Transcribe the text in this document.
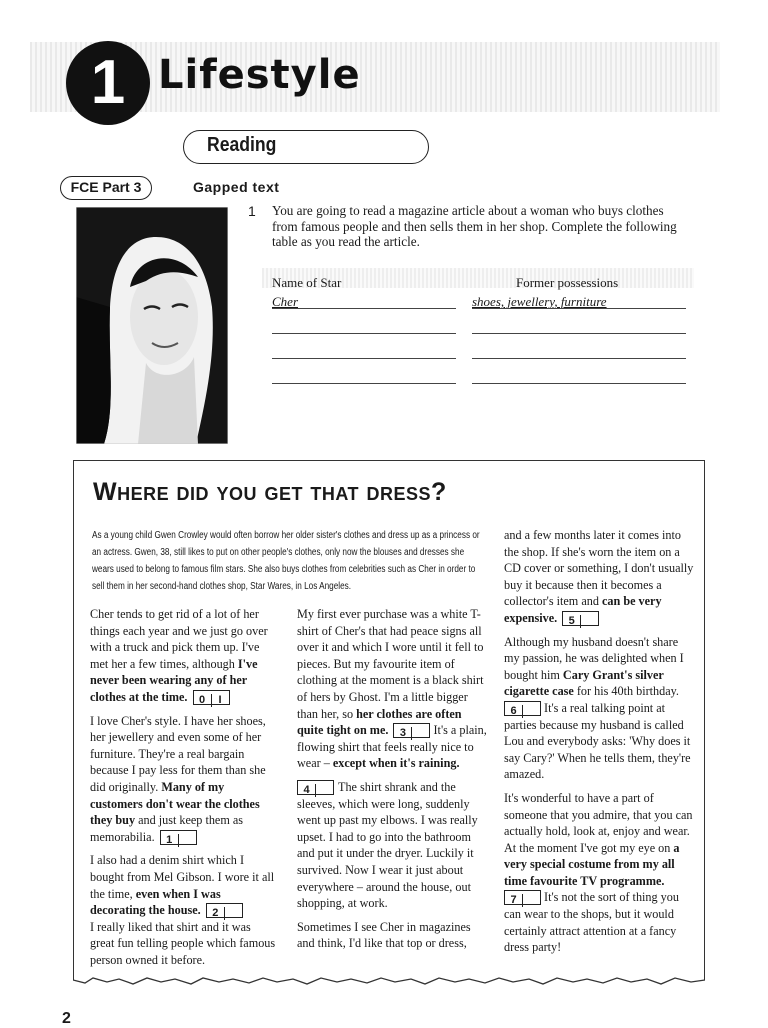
1 Lifestyle
Reading
FCE Part 3	Gapped text
1 You are going to read a magazine article about a woman who buys clothes from famous people and then sells them in her shop. Complete the following table as you read the article.
Name of Star	Former possessions
Cher	shoes, jewellery, furniture
Where did you get that dress?
As a young child Gwen Crowley would often borrow her older sister's clothes and dress up as a princess or an actress. Gwen, 38, still likes to put on other people's clothes, only now the blouses and dresses she wears used to belong to famous film stars. She also buys clothes from celebrities such as Cher in order to sell them in her second-hand clothes shop, Star Wares, in Los Angeles.

Cher tends to get rid of a lot of her things each year and we just go over with a truck and pick them up. I've met her a few times, although I've never been wearing any of her clothes at the time. 0 I

I love Cher's style. I have her shoes, her jewellery and even some of her furniture. They're a real bargain because I pay less for them than she did originally. Many of my customers don't wear the clothes they buy and just keep them as memorabilia. 1

I also had a denim shirt which I bought from Mel Gibson. I wore it all the time, even when I was decorating the house. 2
I really liked that shirt and it was great fun telling people which famous person owned it before.

My first ever purchase was a white T-shirt of Cher's that had peace signs all over it and which I wore until it fell to pieces. But my favourite item of clothing at the moment is a black shirt of hers by Ghost. I'm a little bigger than her, so her clothes are often quite tight on me. 3 It's a plain, flowing shirt that feels really nice to wear – except when it's raining.

4 The shirt shrank and the sleeves, which were long, suddenly went up past my elbows. I was really upset. I had to go into the bathroom and put it under the dryer. Luckily it survived. Now I wear it just about everywhere – around the house, out shopping, at work.

Sometimes I see Cher in magazines and think, I'd like that top or dress,

and a few months later it comes into the shop. If she's worn the item on a CD cover or something, I don't usually buy it because then it becomes a collector's item and can be very expensive. 5

Although my husband doesn't share my passion, he was delighted when I bought him Cary Grant's silver cigarette case for his 40th birthday.
6 It's a real talking point at parties because my husband is called Lou and everybody asks: 'Why does it say Cary?' When he tells them, they're amazed.

It's wonderful to have a part of someone that you admire, that you can actually hold, look at, enjoy and wear. At the moment I've got my eye on a very special costume from my all time favourite TV programme.
7 It's not the sort of thing you can wear to the shops, but it would certainly attract attention at a fancy dress party!

2
